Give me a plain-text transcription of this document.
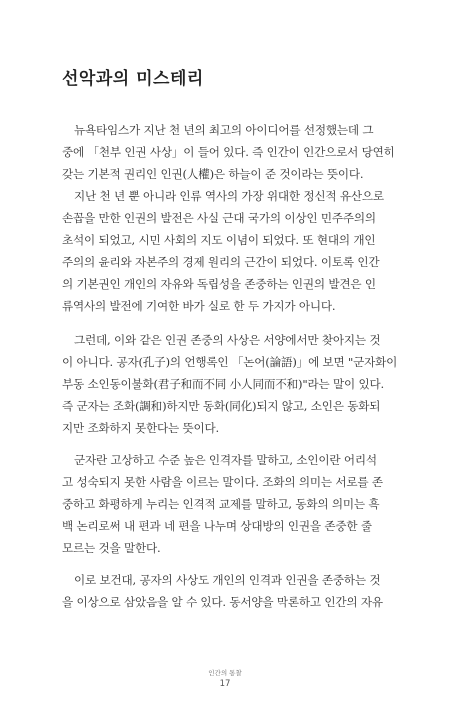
선악과의 미스테리
뉴욕타임스가 지난 천 년의 최고의 아이디어를 선정했는데 그
중에 「천부 인권 사상」이 들어 있다. 즉 인간이 인간으로서 당연히
갖는 기본적 권리인 인권(人權)은 하늘이 준 것이라는 뜻이다.
지난 천 년 뿐 아니라 인류 역사의 가장 위대한 정신적 유산으로
손꼽을 만한 인권의 발전은 사실 근대 국가의 이상인 민주주의의
초석이 되었고, 시민 사회의 지도 이념이 되었다. 또 현대의 개인
주의의 윤리와 자본주의 경제 원리의 근간이 되었다. 이토록 인간
의 기본권인 개인의 자유와 독립성을 존중하는 인권의 발견은 인
류역사의 발전에 기여한 바가 실로 한 두 가지가 아니다.
그런데, 이와 같은 인권 존중의 사상은 서양에서만 찾아지는 것
이 아니다. 공자(孔子)의 언행록인 「논어(論語)」에 보면 "군자화이
부동 소인동이불화(君子和而不同 小人同而不和)"라는 말이 있다.
즉 군자는 조화(調和)하지만 동화(同化)되지 않고, 소인은 동화되
지만 조화하지 못한다는 뜻이다.
군자란 고상하고 수준 높은 인격자를 말하고, 소인이란 어리석
고 성숙되지 못한 사람을 이르는 말이다. 조화의 의미는 서로를 존
중하고 화평하게 누리는 인격적 교제를 말하고, 동화의 의미는 흑
백 논리로써 내 편과 네 편을 나누며 상대방의 인권을 존중한 줄
모르는 것을 말한다.
이로 보건대, 공자의 사상도 개인의 인격과 인권을 존중하는 것
을 이상으로 삼았음을 알 수 있다. 동서양을 막론하고 인간의 자유
인간의 통찰
17
